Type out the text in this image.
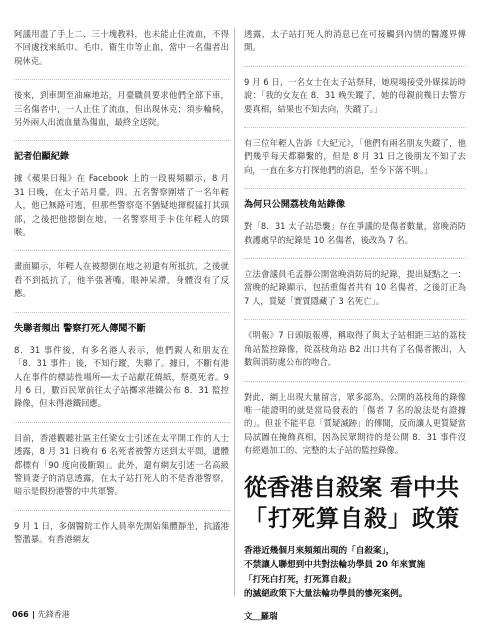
阿議用盡了手上二、三十塊教料，也未能止住流血，不得不回處找來紙巾、毛巾、衛生巾等止血，當中一名傷者出現休克。

後來，到車開至油麻地站，月臺職員要求他們全部下車，三名傷者中，一人止住了流血，但出現休克；須步輪椅，另外兩人出流血量為傷血，最終全送院。

記者伯顯紀錄

據《蘋果日報》在 Facebook 上的一段視頻顯示，8 月 31 日晚，在太子站月臺，四、五名警察圍堵了一名年輕人，他已無路可逃，但那些警察毫不猶疑地揮棍猛打其頭部，之後把他摁倒在地，一名警察用手卡住年輕人的頸喉。

畫面顯示，年輕人在被摁倒在地之初還有所抵抗，之後就看不到抵抗了，他半張著嘴，眼神呆滯，身體沒有了反應。

失聯者頻出 警察打死人傳聞不斷

8．31 事件後，有多名港人表示，他們親人和朋友在「8．31 事件」後，不知行蹤，失聯了。據日，不斷有港人在事件的標誌性場所──太子站獻花燒紙，祭奠死者。9 月 6 日，數百民眾前往太子站擲求港鐵公布 8．31 監控錄像，但未得港鐵回應。

目前，香港觀聽社區主任梁女士引述在太平開工作的人士透露，8 月 31 日晚有 6 名死者被警方送到太平間，遺體都標有「90 度向後斷頸」。此外，還有網友引述一名高級警員妻子的消息透露，在太子站打死人的不是香港警察，暗示是假扮港警的中共軍警。

9 月 1 日，多個醫院工作人員率先開始集體靜坐，抗議港警濫暴。有香港網友

透露，太子站打死人的消息已在可接觸到內情的醫護界傳開。

9 月 6 日，一名女士在太子站祭拜，她現場接受外媒採訪時說：「我的女友在 8．31 晚失蹤了，她的母親前幾日去警方要真相，結果也不知去向，失蹤了。」

有三位年輕人告訴《大紀元》，「他們有兩名朋友失蹤了，他們幾乎每天都聯繫的，但是 8 月 31 日之後朋友不知了去向，一直在多方打探他們的消息，至今下落不明。」

為何只公開荔枝角站錄像

對「8．31 太子站恐襲」存在爭議的是傷者數量，當晚消防救護處早的紀錄是 10 名傷者，後改為 7 名。

立法會議員毛孟靜公開當晚消防局的紀錄，提出疑點之一：當晚的紀錄顯示，包括重傷者共有 10 名傷者，之後訂正為 7 人，質疑「實質隱藏了 3 名死亡」。

《明報》7 日頭版報導，稱取得了與太子站相距三站的荔枝角站監控錄像，從荔枝角站 B2 出口共有了名傷者搬出，入數與消防處公布的吻合。

對此，網上出現大量留言，眾多認為，公開的荔枝角的錄像唯一能證明的就是當局發表的「傷者 7 名的說法是有證據的」。但並不能平息「質疑滅跡」的傳聞，反而讓人更質疑當局試圖在掩飾真相，因為民眾期待的是公開 8．31 事件沒有經過加工的、完整的太子站的監控錄像。

從香港自殺案 看中共
「打死算自殺」政策
香港近幾個月來頻頻出現的「自殺案」，
不禁讓人聯想到中共對法輪功學員 20 年來實施
「打死白打死，打死算自殺」
的滅絕政策下大量法輪功學員的慘死案例。
文＿羅瑞
066 先鋒香港
